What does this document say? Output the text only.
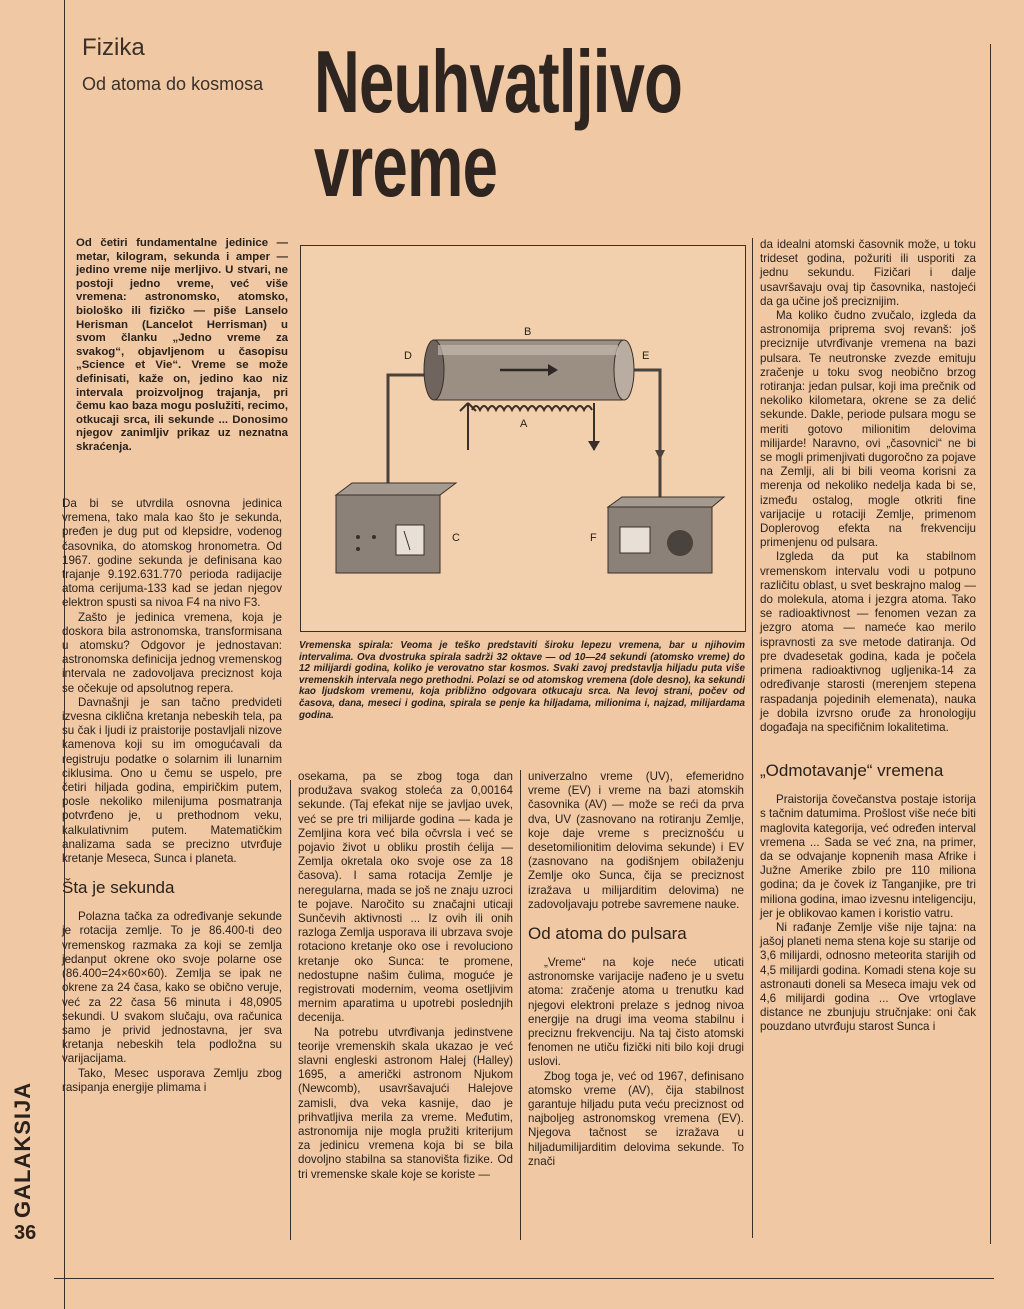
Fizika
Od atoma do kosmosa Neuhvatljivo
vreme
Od četiri fundamentalne jedinice — metar, kilogram, sekunda i amper — jedino vreme nije merljivo. U stvari, ne postoji jedno vreme, već više vremena: astronomsko, atomsko, biološko ili fizičko — piše Lanselo Herisman (Lancelot Herrisman) u svom članku „Jedno vreme za svakog“, objavljenom u časopisu „Science et Vie“. Vreme se može definisati, kaže on, jedino kao niz intervala proizvoljnog trajanja, pri čemu kao baza mogu poslužiti, recimo, otkucaji srca, ili sekunde ... Donosimo njegov zanimljiv prikaz uz neznatna skraćenja.
B
D	E
A
C	F
Vremenska spirala: Veoma je teško predstaviti široku lepezu vremena, bar u njihovim intervalima. Ova dvostruka spirala sadrži 32 oktave — od 10—24 sekundi (atomsko vreme) do 12 milijardi godina, koliko je verovatno star kosmos. Svaki zavoj predstavlja hiljadu puta više vremenskih intervala nego prethodni. Polazi se od atomskog vremena (dole desno), ka sekundi kao ljudskom vremenu, koja približno odgovara otkucaju srca. Na levoj strani, počev od časova, dana, meseci i godina, spirala se penje ka hiljadama, milionima i, najzad, milijardama godina.

Da bi se utvrdila osnovna jedinica vremena, tako mala kao što je sekunda, pređen je dug put od klepsidre, vodenog časovnika, do atomskog hronometra. Od 1967. godine sekunda je definisana kao trajanje 9.192.631.770 perioda radijacije atoma cerijuma-133 kad se jedan njegov elektron spusti sa nivoa F4 na nivo F3.

Zašto je jedinica vremena, koja je doskora bila astronomska, transformisana u atomsku? Odgovor je jednostavan: astronomska definicija jednog vremenskog intervala ne zadovoljava preciznost koja se očekuje od apsolutnog repera.

Davnašnji je san tačno predvideti izvesna ciklična kretanja nebeskih tela, pa su čak i ljudi iz praistorije postavljali nizove kamenova koji su im omogućavali da registruju podatke o solarnim ili lunarnim ciklusima. Ono u čemu se uspelo, pre četiri hiljada godina, empiričkim putem, posle nekoliko milenijuma posmatranja potvrđeno je, u prethodnom veku, kalkulativnim putem. Matematičkim analizama sada se precizno utvrđuje kretanje Meseca, Sunca i planeta.

Šta je sekunda

Polazna tačka za određivanje sekunde je rotacija zemlje. To je 86.400-ti deo vremenskog razmaka za koji se zemlja jedanput okrene oko svoje polarne ose (86.400=24×60×60). Zemlja se ipak ne okrene za 24 časa, kako se obično veruje, već za 22 časa 56 minuta i 48,0905 sekundi. U svakom slučaju, ova računica samo je privid jednostavna, jer sva kretanja nebeskih tela podložna su varijacijama.

Tako, Mesec usporava Zemlju zbog rasipanja energije plimama i

osekama, pa se zbog toga dan produžava svakog stoleća za 0,00164 sekunde. (Taj efekat nije se javljao uvek, već se pre tri milijarde godina — kada je Zemljina kora već bila očvrsla i već se pojavio život u obliku prostih ćelija — Zemlja okretala oko svoje ose za 18 časova). I sama rotacija Zemlje je neregularna, mada se još ne znaju uzroci te pojave. Naročito su značajni uticaji Sunčevih aktivnosti ... Iz ovih ili onih razloga Zemlja usporava ili ubrzava svoje rotaciono kretanje oko ose i revoluciono kretanje oko Sunca: te promene, nedostupne našim čulima, moguće je registrovati modernim, veoma osetljivim mernim aparatima u upotrebi poslednjih decenija.

Na potrebu utvrđivanja jedinstvene teorije vremenskih skala ukazao je već slavni engleski astronom Halej (Halley) 1695, a američki astronom Njukom (Newcomb), usavršavajući Halejove zamisli, dva veka kasnije, dao je prihvatljiva merila za vreme. Međutim, astronomija nije mogla pružiti kriterijum za jedinicu vremena koja bi se bila dovoljno stabilna sa stanovišta fizike. Od tri vremenske skale koje se koriste —

univerzalno vreme (UV), efemeridno vreme (EV) i vreme na bazi atomskih časovnika (AV) — može se reći da prva dva, UV (zasnovano na rotiranju Zemlje, koje daje vreme s preciznošću u desetomilionitim delovima sekunde) i EV (zasnovano na godišnjem obilaženju Zemlje oko Sunca, čija se preciznost izražava u milijarditim delovima) ne zadovoljavaju potrebe savremene nauke.

Od atoma do pulsara

„Vreme“ na koje neće uticati astronomske varijacije nađeno je u svetu atoma: zračenje atoma u trenutku kad njegovi elektroni prelaze s jednog nivoa energije na drugi ima veoma stabilnu i preciznu frekvenciju. Na taj čisto atomski fenomen ne utiču fizički niti bilo koji drugi uslovi.

Zbog toga je, već od 1967, definisano atomsko vreme (AV), čija stabilnost garantuje hiljadu puta veću preciznost od najboljeg astronomskog vremena (EV). Njegova tačnost se izražava u hiljadumilijarditim delovima sekunde. To znači

da idealni atomski časovnik može, u toku trideset godina, požuriti ili usporiti za jednu sekundu. Fizičari i dalje usavršavaju ovaj tip časovnika, nastojeći da ga učine još preciznijim.

Ma koliko čudno zvučalo, izgleda da astronomija priprema svoj revanš: još preciznije utvrđivanje vremena na bazi pulsara. Te neutronske zvezde emituju zračenje u toku svog neobično brzog rotiranja: jedan pulsar, koji ima prečnik od nekoliko kilometara, okrene se za delić sekunde. Dakle, periode pulsara mogu se meriti gotovo milionitim delovima milijarde! Naravno, ovi „časovnici“ ne bi se mogli primenjivati dugoročno za pojave na Zemlji, ali bi bili veoma korisni za merenja od nekoliko nedelja kada bi se, između ostalog, mogle otkriti fine varijacije u rotaciji Zemlje, primenom Doplerovog efekta na frekvenciju primenjenu od pulsara.

Izgleda da put ka stabilnom vremenskom intervalu vodi u potpuno različitu oblast, u svet beskrajno malog — do molekula, atoma i jezgra atoma. Tako se radioaktivnost — fenomen vezan za jezgro atoma — nameće kao merilo ispravnosti za sve metode datiranja. Od pre dvadesetak godina, kada je počela primena radioaktivnog ugljenika-14 za određivanje starosti (merenjem stepena raspadanja pojedinih elemenata), nauka je dobila izvrsno oruđe za hronologiju događaja na specifičnim lokalitetima.

„Odmotavanje“ vremena

Praistorija čovečanstva postaje istorija s tačnim datumima. Prošlost više neće biti maglovita kategorija, već određen interval vremena ... Sada se već zna, na primer, da se odvajanje kopnenih masa Afrike i Južne Amerike zbilo pre 110 miliona godina; da je čovek iz Tanganjike, pre tri miliona godina, imao izvesnu inteligenciju, jer je oblikovao kamen i koristio vatru.

Ni rađanje Zemlje više nije tajna: na jašoj planeti nema stena koje su starije od 3,6 milijardi, odnosno meteorita starijih od 4,5 milijardi godina. Komadi stena koje su astronauti doneli sa Meseca imaju vek od 4,6 milijardi godina ... Ove vrtoglave distance ne zbunjuju stručnjake: oni čak pouzdano utvrđuju starost Sunca i

GALAKSIJA
36
